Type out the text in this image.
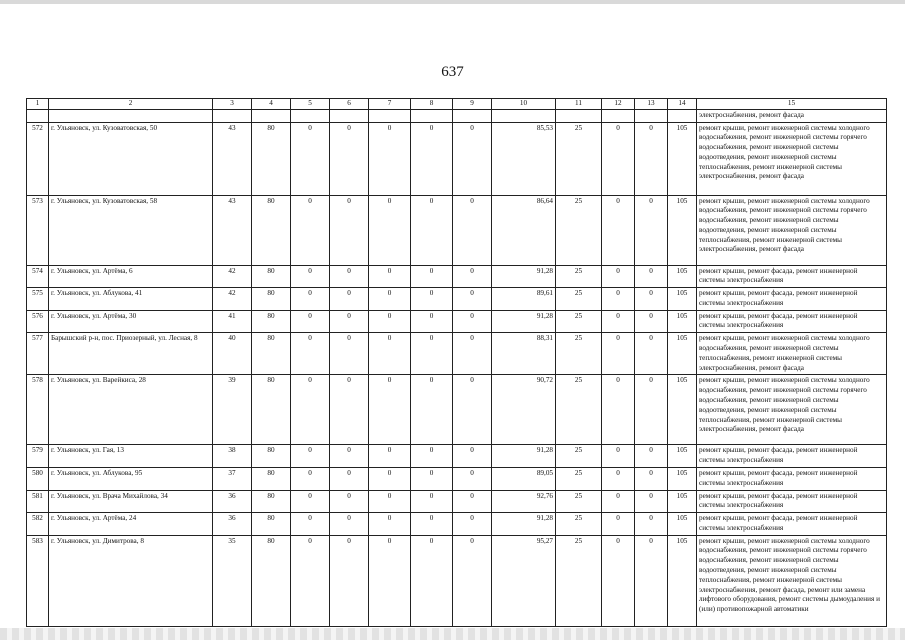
637
1	2	3	4	5	6	7	8	9	10	11	12	13	14	15
														электроснабжения, ремонт фасада
572	г. Ульяновск, ул. Кузоватовская, 50	43	80	0	0	0	0	0	85,53	25	0	0	105	ремонт крыши, ремонт инженерной системы холодного водоснабжения, ремонт инженерной системы горячего водоснабжения, ремонт инженерной системы водоотведения, ремонт инженерной системы теплоснабжения, ремонт инженерной системы электроснабжения, ремонт фасада
573	г. Ульяновск, ул. Кузоватовская, 58	43	80	0	0	0	0	0	86,64	25	0	0	105	ремонт крыши, ремонт инженерной системы холодного водоснабжения, ремонт инженерной системы горячего водоснабжения, ремонт инженерной системы водоотведения, ремонт инженерной системы теплоснабжения, ремонт инженерной системы электроснабжения, ремонт фасада
574	г. Ульяновск, ул. Артёма, 6	42	80	0	0	0	0	0	91,28	25	0	0	105	ремонт крыши, ремонт фасада, ремонт инженерной системы электроснабжения
575	г. Ульяновск, ул. Аблукова, 41	42	80	0	0	0	0	0	89,61	25	0	0	105	ремонт крыши, ремонт фасада, ремонт инженерной системы электроснабжения
576	г. Ульяновск, ул. Артёма, 30	41	80	0	0	0	0	0	91,28	25	0	0	105	ремонт крыши, ремонт фасада, ремонт инженерной системы электроснабжения
577	Барышский р-н, пос. Приозерный, ул. Лесная, 8	40	80	0	0	0	0	0	88,31	25	0	0	105	ремонт крыши, ремонт инженерной системы холодного водоснабжения, ремонт инженерной системы теплоснабжения, ремонт инженерной системы электроснабжения, ремонт фасада
578	г. Ульяновск, ул. Варейкиса, 28	39	80	0	0	0	0	0	90,72	25	0	0	105	ремонт крыши, ремонт инженерной системы холодного водоснабжения, ремонт инженерной системы горячего водоснабжения, ремонт инженерной системы водоотведения, ремонт инженерной системы теплоснабжения, ремонт инженерной системы электроснабжения, ремонт фасада
579	г. Ульяновск, ул. Гая, 13	38	80	0	0	0	0	0	91,28	25	0	0	105	ремонт крыши, ремонт фасада, ремонт инженерной системы электроснабжения
580	г. Ульяновск, ул. Аблукова, 95	37	80	0	0	0	0	0	89,05	25	0	0	105	ремонт крыши, ремонт фасада, ремонт инженерной системы электроснабжения
581	г. Ульяновск, ул. Врача Михайлова, 34	36	80	0	0	0	0	0	92,76	25	0	0	105	ремонт крыши, ремонт фасада, ремонт инженерной системы электроснабжения
582	г. Ульяновск, ул. Артёма, 24	36	80	0	0	0	0	0	91,28	25	0	0	105	ремонт крыши, ремонт фасада, ремонт инженерной системы электроснабжения
583	г. Ульяновск, ул. Димитрова, 8	35	80	0	0	0	0	0	95,27	25	0	0	105	ремонт крыши, ремонт инженерной системы холодного водоснабжения, ремонт инженерной системы горячего водоснабжения, ремонт инженерной системы водоотведения, ремонт инженерной системы теплоснабжения, ремонт инженерной системы электроснабжения, ремонт фасада, ремонт или замена лифтового оборудования, ремонт системы дымоудаления и (или) противопожарной автоматики
